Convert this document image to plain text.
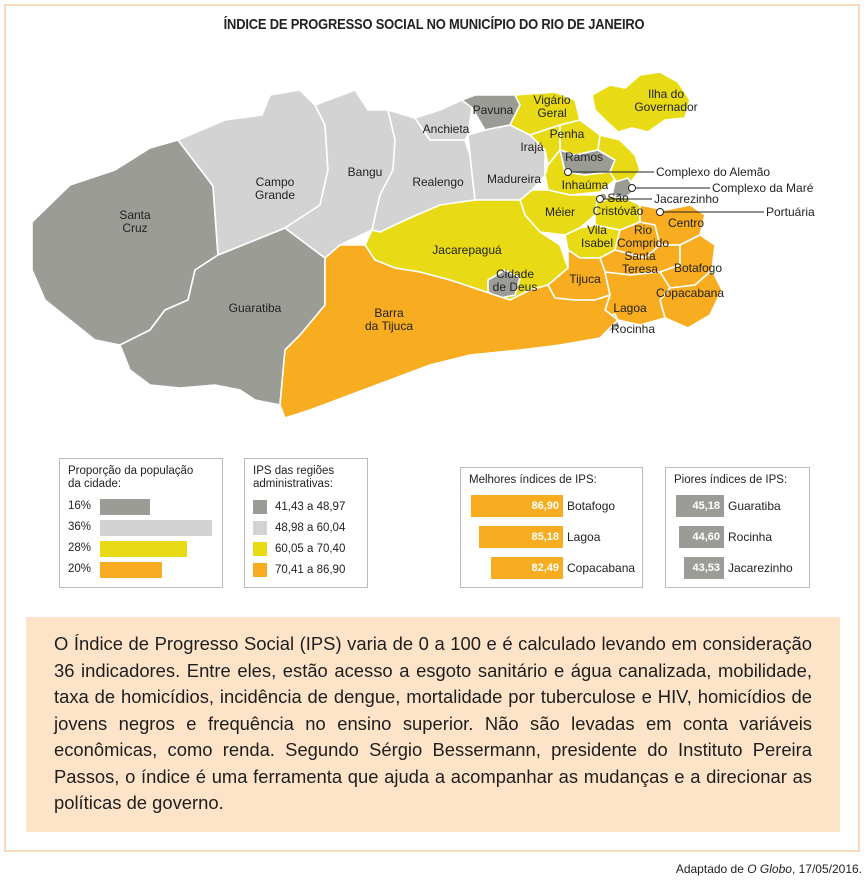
ÍNDICE DE PROGRESSO SOCIAL NO MUNICÍPIO DO RIO DE JANEIRO
Santa Cruz
Guaratiba
Campo Grande
Bangu
Realengo
Anchieta
Pavuna
Madureira
Vigário Geral
Penha
Irajá
Ilha do Governador
Ramos
Inhaúma
Méier
São Cristóvão
Vila Isabel
Rio Comprido
Centro
Jacarepaguá
Cidade de Deus
Tijuca
Santa Teresa Botafogo
Copacabana
Lagoa
Rocinha
Barra da Tijuca
Complexo do Alemão
Complexo da Maré
Jacarezinho
Portuária
Proporção da população
da cidade:
16%
36%
28%
20%
IPS das regiões
administrativas:
41,43 a 48,97
48,98 a 60,04
60,05 a 70,40
70,41 a 86,90
Melhores índices de IPS:
86,90 Botafogo
85,18 Lagoa
82,49 Copacabana
Piores índices de IPS:
45,18 Guaratiba
44,60 Rocinha
43,53 Jacarezinho

O Índice de Progresso Social (IPS) varia de 0 a 100 e é calculado levando em consideração 36 indicadores. Entre eles, estão acesso a esgoto sanitário e água canalizada, mobilidade, taxa de homicídios, incidência de dengue, mortalidade por tuberculose e HIV, homicídios de jovens negros e frequência no ensino superior. Não são levadas em conta variáveis econômicas, como renda. Segundo Sérgio Bessermann, presidente do Instituto Pereira Passos, o índice é uma ferramenta que ajuda a acompanhar as mudanças e a direcionar as políticas de governo.

Adaptado de O Globo, 17/05/2016.
